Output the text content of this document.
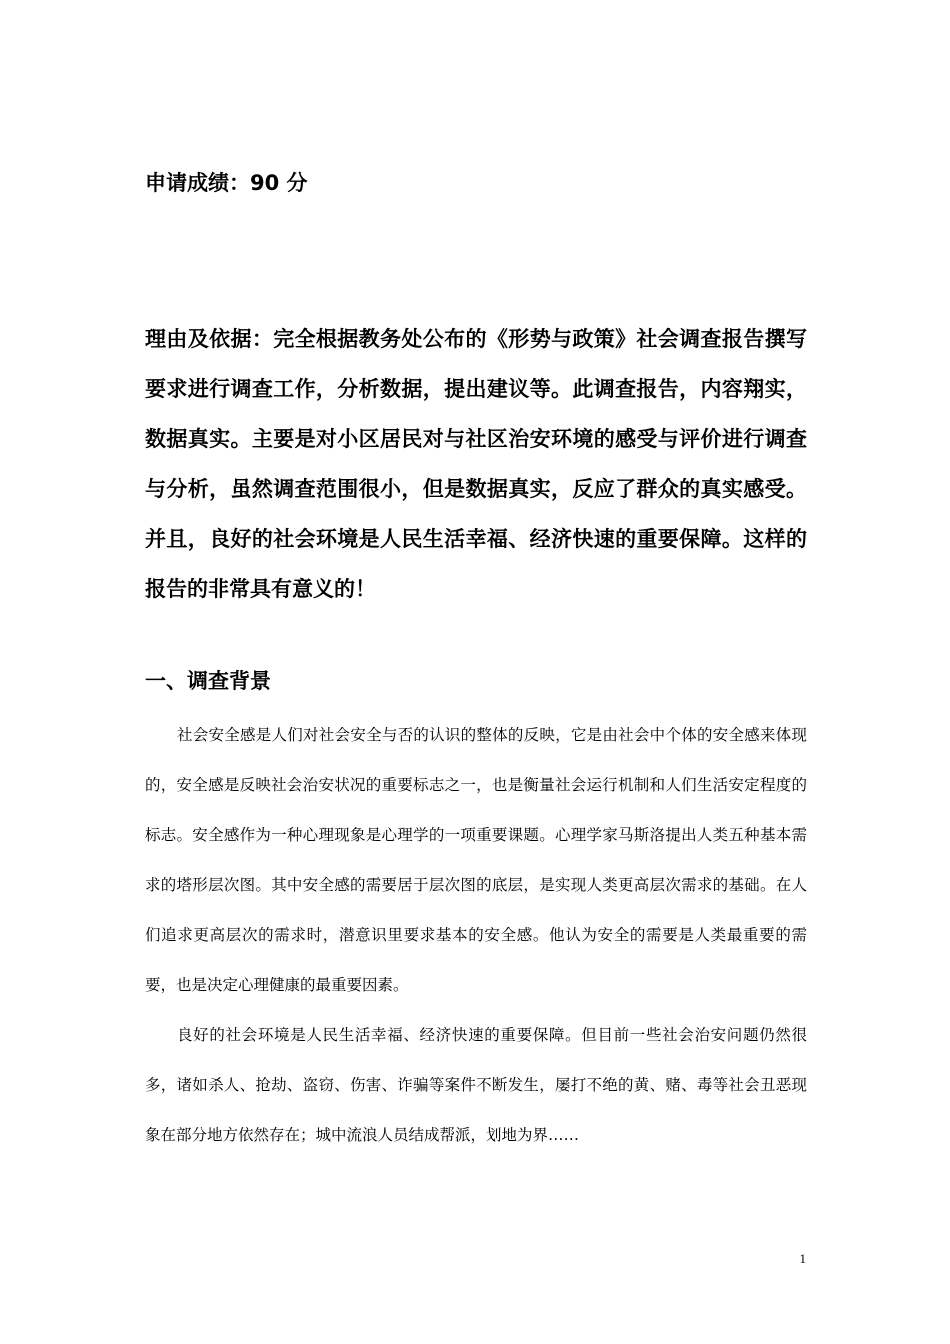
申请成绩：90 分
理由及依据：完全根据教务处公布的《形势与政策》社会调查报告撰写要求进行调查工作，分析数据，提出建议等。此调查报告，内容翔实，数据真实。主要是对小区居民对与社区治安环境的感受与评价进行调查与分析，虽然调查范围很小，但是数据真实，反应了群众的真实感受。并且，良好的社会环境是人民生活幸福、经济快速的重要保障。这样的报告的非常具有意义的！
一、调查背景
社会安全感是人们对社会安全与否的认识的整体的反映，它是由社会中个体的安全感来体现的，安全感是反映社会治安状况的重要标志之一，也是衡量社会运行机制和人们生活安定程度的标志。安全感作为一种心理现象是心理学的一项重要课题。心理学家马斯洛提出人类五种基本需求的塔形层次图。其中安全感的需要居于层次图的底层，是实现人类更高层次需求的基础。在人们追求更高层次的需求时，潜意识里要求基本的安全感。他认为安全的需要是人类最重要的需要，也是决定心理健康的最重要因素。
良好的社会环境是人民生活幸福、经济快速的重要保障。但目前一些社会治安问题仍然很多，诸如杀人、抢劫、盗窃、伤害、诈骗等案件不断发生，屡打不绝的黄、赌、毒等社会丑恶现象在部分地方依然存在；城中流浪人员结成帮派，划地为界……
1
